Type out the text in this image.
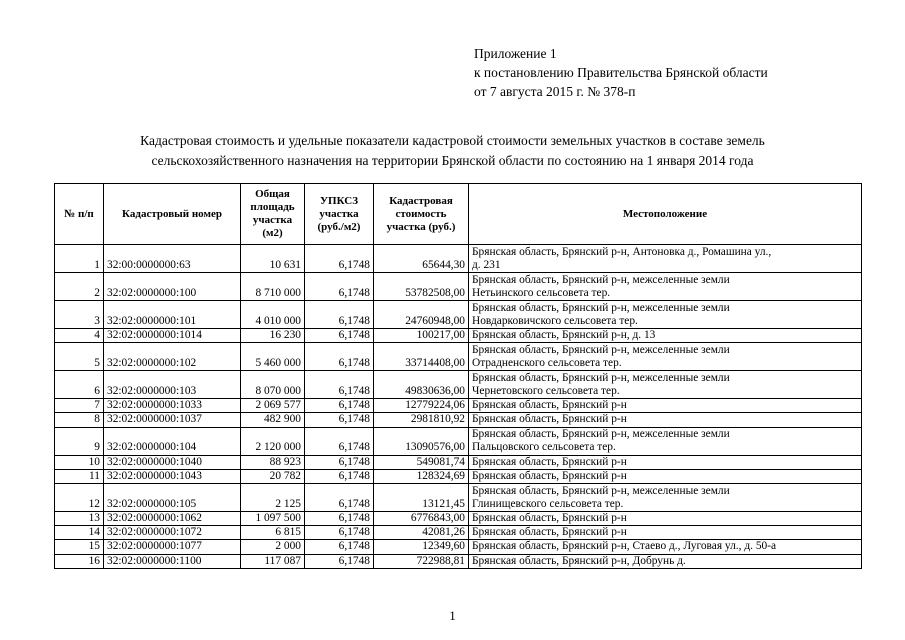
Приложение 1
к постановлению Правительства Брянской области
от 7 августа 2015 г. № 378-п
Кадастровая стоимость и удельные показатели кадастровой стоимости земельных участков в составе земель
сельскохозяйственного назначения на территории Брянской области по состоянию на 1 января 2014 года
№ п/п	Кадастровый номер	Общая площадь участка (м2)	УПКСЗ участка (руб./м2)	Кадастровая стоимость участка (руб.)	Местоположение
1	32:00:0000000:63	10 631	6,1748	65644,30	Брянская область, Брянский р-н, Антоновка д., Ромашина ул.,
д. 231

2	32:02:0000000:100	8 710 000	6,1748	53782508,00	Брянская область, Брянский р-н, межселенные земли
Нетьинского сельсовета тер.

3	32:02:0000000:101	4 010 000	6,1748	24760948,00	Брянская область, Брянский р-н, межселенные земли
Новдарковичского сельсовета тер.

4	32:02:0000000:1014	16 230	6,1748	100217,00	Брянская область, Брянский р-н, д. 13

5	32:02:0000000:102	5 460 000	6,1748	33714408,00	Брянская область, Брянский р-н, межселенные земли
Отрадненского сельсовета тер.

6	32:02:0000000:103	8 070 000	6,1748	49830636,00	Брянская область, Брянский р-н, межселенные земли
Чернетовского сельсовета тер.

7	32:02:0000000:1033	2 069 577	6,1748	12779224,06	Брянская область, Брянский р-н

8	32:02:0000000:1037	482 900	6,1748	2981810,92	Брянская область, Брянский р-н

9	32:02:0000000:104	2 120 000	6,1748	13090576,00	Брянская область, Брянский р-н, межселенные земли
Пальцовского сельсовета тер.

10	32:02:0000000:1040	88 923	6,1748	549081,74	Брянская область, Брянский р-н

11	32:02:0000000:1043	20 782	6,1748	128324,69	Брянская область, Брянский р-н

12	32:02:0000000:105	2 125	6,1748	13121,45	Брянская область, Брянский р-н, межселенные земли
Глинищевского сельсовета тер.

13	32:02:0000000:1062	1 097 500	6,1748	6776843,00	Брянская область, Брянский р-н

14	32:02:0000000:1072	6 815	6,1748	42081,26	Брянская область, Брянский р-н

15	32:02:0000000:1077	2 000	6,1748	12349,60	Брянская область, Брянский р-н, Стаево д., Луговая ул., д. 50-а

16	32:02:0000000:1100	117 087	6,1748	722988,81	Брянская область, Брянский р-н, Добрунь д.
1
